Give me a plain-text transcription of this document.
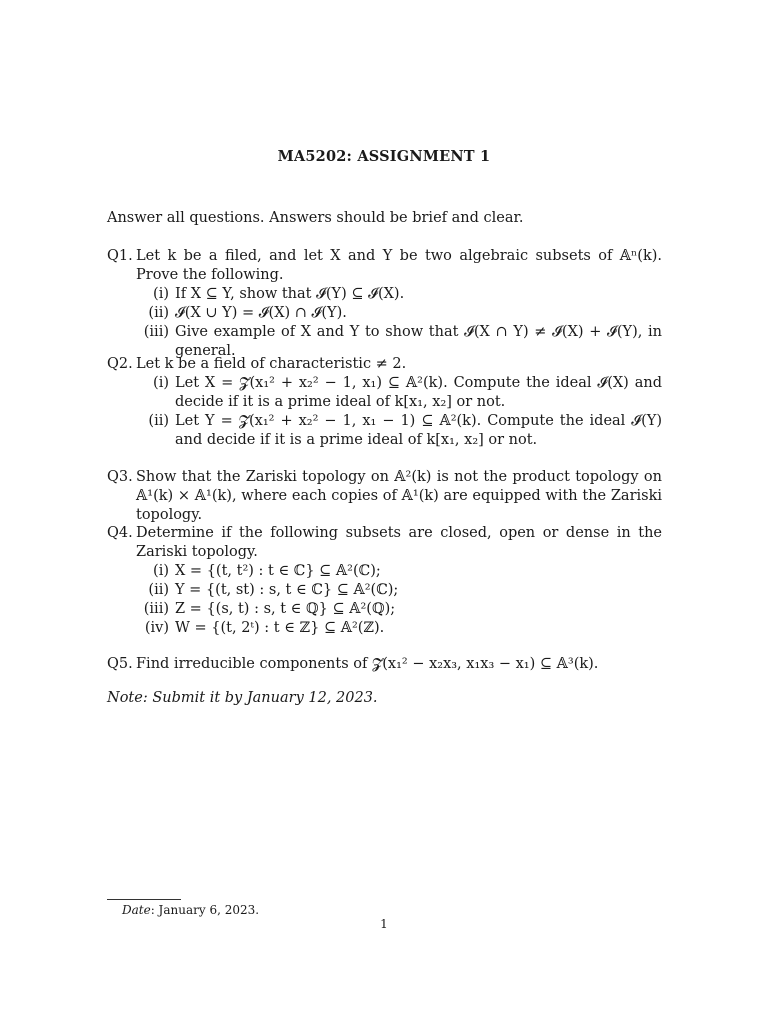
MA5202: ASSIGNMENT 1
Answer all questions. Answers should be brief and clear.
Q1. Let k be a filed, and let X and Y be two algebraic subsets of 𝔸ⁿ(k). Prove the following.
(i) If X ⊆ Y, show that 𝓘(Y) ⊆ 𝓘(X).
(ii) 𝓘(X ∪ Y) = 𝓘(X) ∩ 𝓘(Y).
(iii) Give example of X and Y to show that 𝓘(X ∩ Y) ≠ 𝓘(X) + 𝓘(Y), in general.
Q2. Let k be a field of characteristic ≠ 2.
(i) Let X = 𝓩(x₁² + x₂² − 1, x₁) ⊆ 𝔸²(k). Compute the ideal 𝓘(X) and decide if it is a prime ideal of k[x₁, x₂] or not.
(ii) Let Y = 𝓩(x₁² + x₂² − 1, x₁ − 1) ⊆ 𝔸²(k). Compute the ideal 𝓘(Y) and decide if it is a prime ideal of k[x₁, x₂] or not.
Q3. Show that the Zariski topology on 𝔸²(k) is not the product topology on 𝔸¹(k) × 𝔸¹(k), where each copies of 𝔸¹(k) are equipped with the Zariski topology.
Q4. Determine if the following subsets are closed, open or dense in the Zariski topology.
(i) X = {(t, t²) : t ∈ ℂ} ⊆ 𝔸²(ℂ);
(ii) Y = {(t, st) : s, t ∈ ℂ} ⊆ 𝔸²(ℂ);
(iii) Z = {(s, t) : s, t ∈ ℚ} ⊆ 𝔸²(ℚ);
(iv) W = {(t, 2ᵗ) : t ∈ ℤ} ⊆ 𝔸²(ℤ).
Q5. Find irreducible components of 𝓩(x₁² − x₂x₃, x₁x₃ − x₁) ⊆ 𝔸³(k).
Note: Submit it by January 12, 2023.
Date: January 6, 2023.
1
